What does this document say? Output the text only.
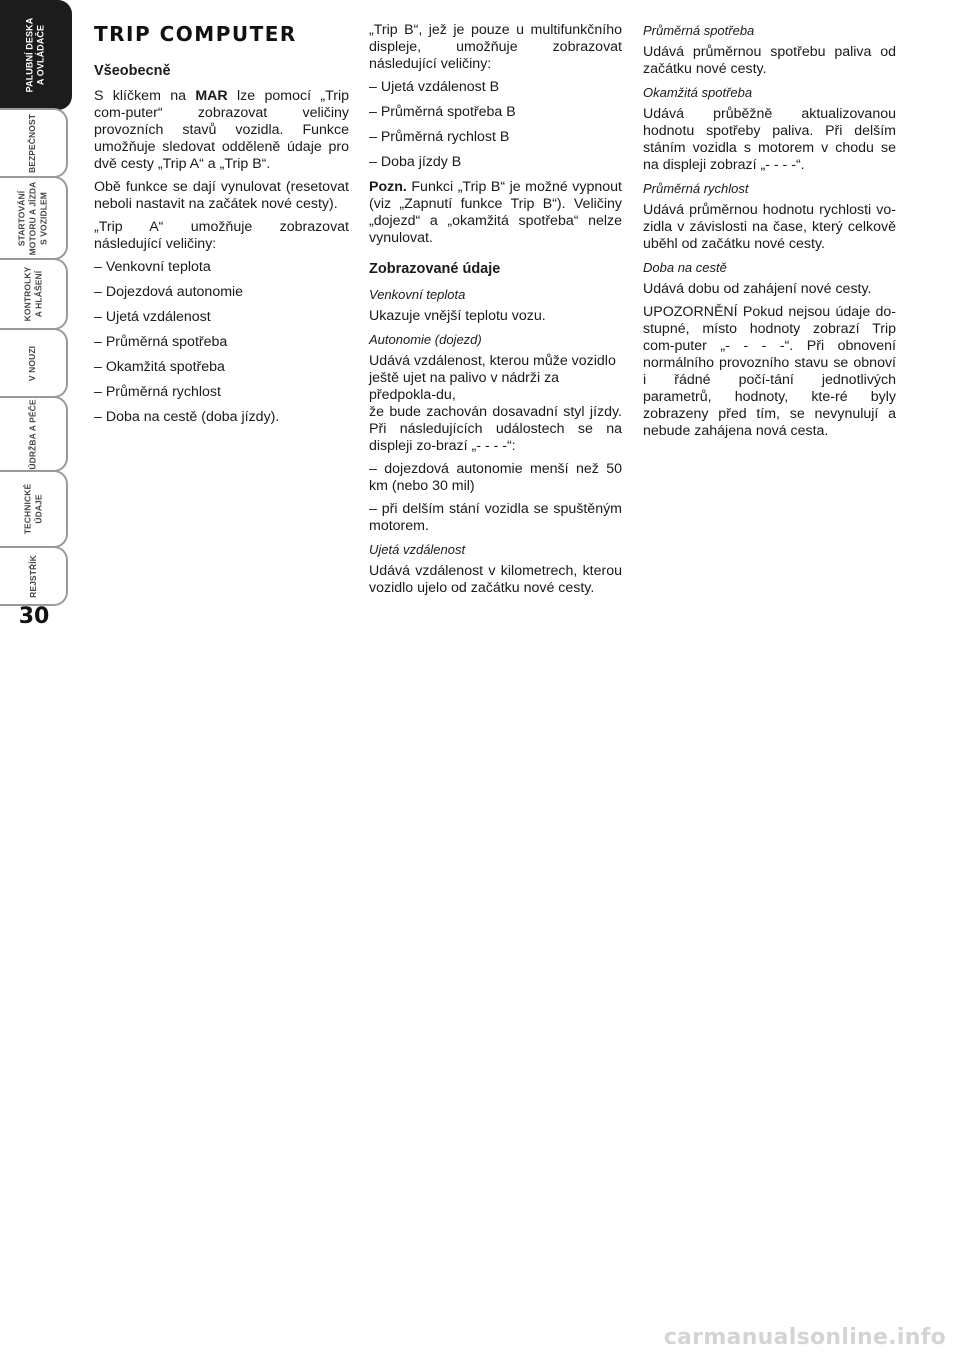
PALUBNÍ DESKA
A OVLÁDAČE
BEZPEČNOST
STARTOVÁNÍ
MOTORU A JÍZDA
S VOZIDLEM
KONTROLKY
A HLÁŠENÍ
V NOUZI
ÚDRŽBA A PÉČE
TECHNICKÉ
ÚDAJE
REJSTŘÍK
30
TRIP COMPUTER
Všeobecně

S klíčkem na MAR lze pomocí „Trip com-puter“ zobrazovat veličiny provozních stavů vozidla. Funkce umožňuje sledovat odděleně údaje pro dvě cesty „Trip A“ a „Trip B“.

Obě funkce se dají vynulovat (resetovat neboli nastavit na začátek nové cesty).

„Trip A“ umožňuje zobrazovat následující veličiny:

– Venkovní teplota

– Dojezdová autonomie

– Ujetá vzdálenost

– Průměrná spotřeba

– Okamžitá spotřeba

– Průměrná rychlost

– Doba na cestě (doba jízdy).

„Trip B“, jež je pouze u multifunkčního displeje, umožňuje zobrazovat následující veličiny:

– Ujetá vzdálenost B

– Průměrná spotřeba B

– Průměrná rychlost B

– Doba jízdy B

Pozn. Funkci „Trip B“ je možné vypnout (viz „Zapnutí funkce Trip B“). Veličiny „dojezd“ a „okamžitá spotřeba“ nelze vynulovat.

Zobrazované údaje

Venkovní teplota

Ukazuje vnější teplotu vozu.

Autonomie (dojezd)

Udává vzdálenost, kterou může vozidlo ještě ujet na palivo v nádrži za předpokla-du,

že bude zachován dosavadní styl jízdy. Při následujících událostech se na displeji zo-brazí „- - - -“:

– dojezdová autonomie menší než 50 km (nebo 30 mil)

– při delším stání vozidla se spuštěným motorem.

Ujetá vzdálenost

Udává vzdálenost v kilometrech, kterou vozidlo ujelo od začátku nové cesty.

Průměrná spotřeba

Udává průměrnou spotřebu paliva od začátku nové cesty.

Okamžitá spotřeba

Udává průběžně aktualizovanou hodnotu spotřeby paliva. Při delším stáním vozidla s motorem v chodu se na displeji zobrazí „- - - -“.

Průměrná rychlost

Udává průměrnou hodnotu rychlosti vo-zidla v závislosti na čase, který celkově uběhl od začátku nové cesty.

Doba na cestě

Udává dobu od zahájení nové cesty.

UPOZORNĚNÍ Pokud nejsou údaje do-stupné, místo hodnoty zobrazí Trip com-puter „- - - -“. Při obnovení normálního provozního stavu se obnoví i řádné počí-tání jednotlivých parametrů, hodnoty, kte-ré byly zobrazeny před tím, se nevynulují a nebude zahájena nová cesta.

carmanualsonline.info
